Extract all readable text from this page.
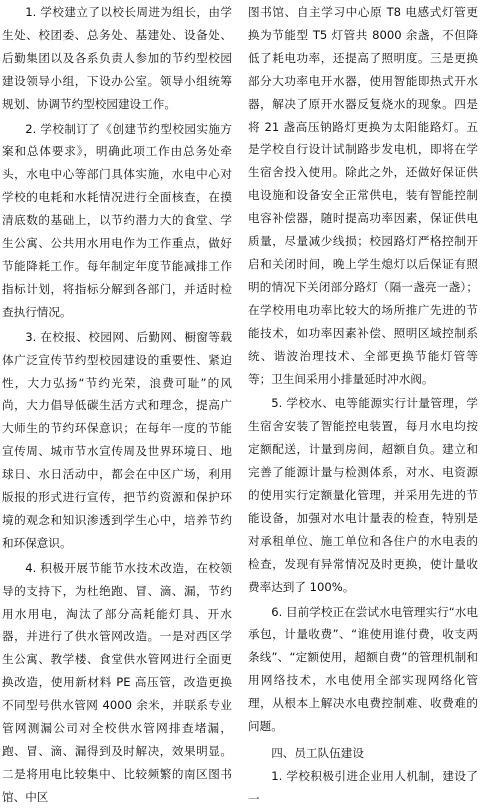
1. 学校建立了以校长周进为组长，由学生处、校团委、总务处、基建处、设备处、后勤集团以及各系负责人参加的节约型校园建设领导小组，下设办公室。领导小组统筹规划、协调节约型校园建设工作。

2. 学校制订了《创建节约型校园实施方案和总体要求》，明确此项工作由总务处牵头，水电中心等部门具体实施，水电中心对学校的电耗和水耗情况进行全面核查，在摸清底数的基础上，以节约潜力大的食堂、学生公寓、公共用水用电作为工作重点，做好节能降耗工作。每年制定年度节能减排工作指标计划，将指标分解到各部门，并适时检查执行情况。

3. 在校报、校园网、后勤网、橱窗等载体广泛宣传节约型校园建设的重要性、紧迫性，大力弘扬“节约光荣，浪费可耻”的风尚，大力倡导低碳生活方式和理念，提高广大师生的节约环保意识；在每年一度的节能宣传周、城市节水宣传周及世界环境日、地球日、水日活动中，都会在中区广场，利用版报的形式进行宣传，把节约资源和保护环境的观念和知识渗透到学生心中，培养节约和环保意识。

4. 积极开展节能节水技术改造，在校领导的支持下，为杜绝跑、冒、滴、漏，节约用水用电，淘汰了部分高耗能灯具、开水器，并进行了供水管网改造。一是对西区学生公寓、教学楼、食堂供水管网进行全面更换改造，使用新材料 PE 高压管，改造更换不同型号供水管网 4000 余米，并联系专业管网测漏公司对全校供水管网排查堵漏，跑、冒、滴、漏得到及时解决，效果明显。二是将用电比较集中、比较频繁的南区图书馆、中区

图书馆、自主学习中心原 T8 电感式灯管更换为节能型 T5 灯管共 8000 余盏，不但降低了耗电功率，还提高了照明度。三是更换部分大功率电开水器，使用智能即热式开水器，解决了原开水器反复烧水的现象。四是将 21 盏高压钠路灯更换为太阳能路灯。五是学校自行设计试制路步发电机，即将在学生宿舍投入使用。除此之外，还做好保证供电设施和设备安全正常供电，装有智能控制电容补偿器，随时提高功率因素，保证供电质量，尽量减少线损；校园路灯严格控制开启和关闭时间，晚上学生熄灯以后保证有照明的情况下关闭部分路灯（隔一盏亮一盏）；在学校用电功率比较大的场所推广先进的节能技术，如功率因素补偿、照明区域控制系统、谐波治理技术、全部更换节能灯管等等；卫生间采用小排量延时冲水阀。

5. 学校水、电等能源实行计量管理，学生宿舍安装了智能控电装置，每月水电均按定额配送，计量到房间，超额自负。建立和完善了能源计量与检测体系，对水、电资源的使用实行定额量化管理，并采用先进的节能设备，加强对水电计量表的检查，特别是对承租单位、施工单位和各住户的水电表的检查，发现有异常情况及时更换，使计量收费率达到了 100%。

6. 目前学校正在尝试水电管理实行“水电承包，计量收费”、“谁使用谁付费，收支两条线”、“定额使用，超额自费”的管理机制和用网络技术，水电使用全部实现网络化管理，从根本上解决水电费控制难、收费难的问题。

四、员工队伍建设

1. 学校积极引进企业用人机制，建设了一
